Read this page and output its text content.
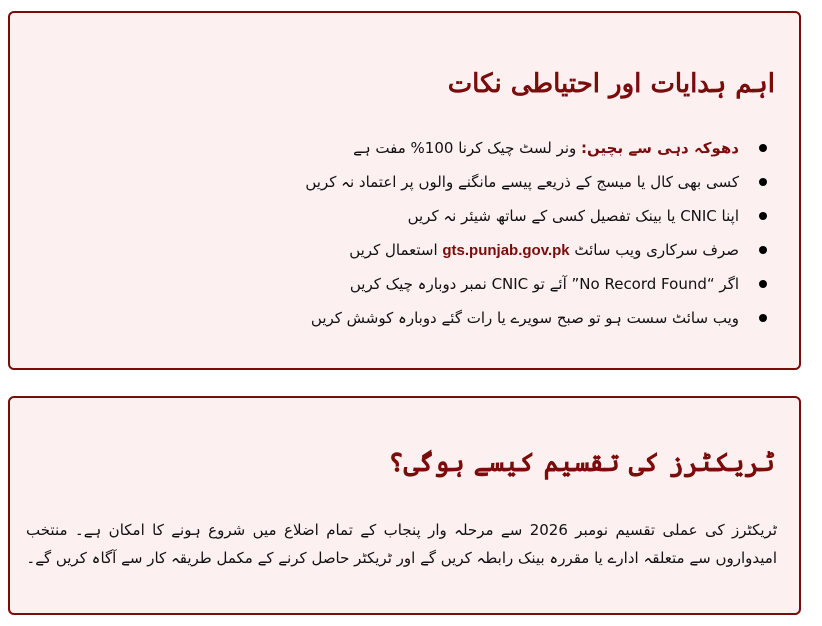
اہم ہدایات اور احتیاطی نکات
دھوکہ دہی سے بچیں: ونر لسٹ چیک کرنا 100% مفت ہے
کسی بھی کال یا میسج کے ذریعے پیسے مانگنے والوں پر اعتماد نہ کریں
اپنا CNIC یا بینک تفصیل کسی کے ساتھ شیئر نہ کریں
صرف سرکاری ویب سائٹ gts.punjab.gov.pk استعمال کریں
اگر “No Record Found” آئے تو CNIC نمبر دوبارہ چیک کریں
ویب سائٹ سست ہو تو صبح سویرے یا رات گئے دوبارہ کوشش کریں
ٹریکٹرز کی تقسیم کیسے ہوگی؟

ٹریکٹرز کی عملی تقسیم نومبر 2026 سے مرحلہ وار پنجاب کے تمام اضلاع میں شروع ہونے کا امکان ہے۔ منتخب امیدواروں سے متعلقہ ادارے یا مقررہ بینک رابطہ کریں گے اور ٹریکٹر حاصل کرنے کے مکمل طریقہ کار سے آگاہ کریں گے۔
